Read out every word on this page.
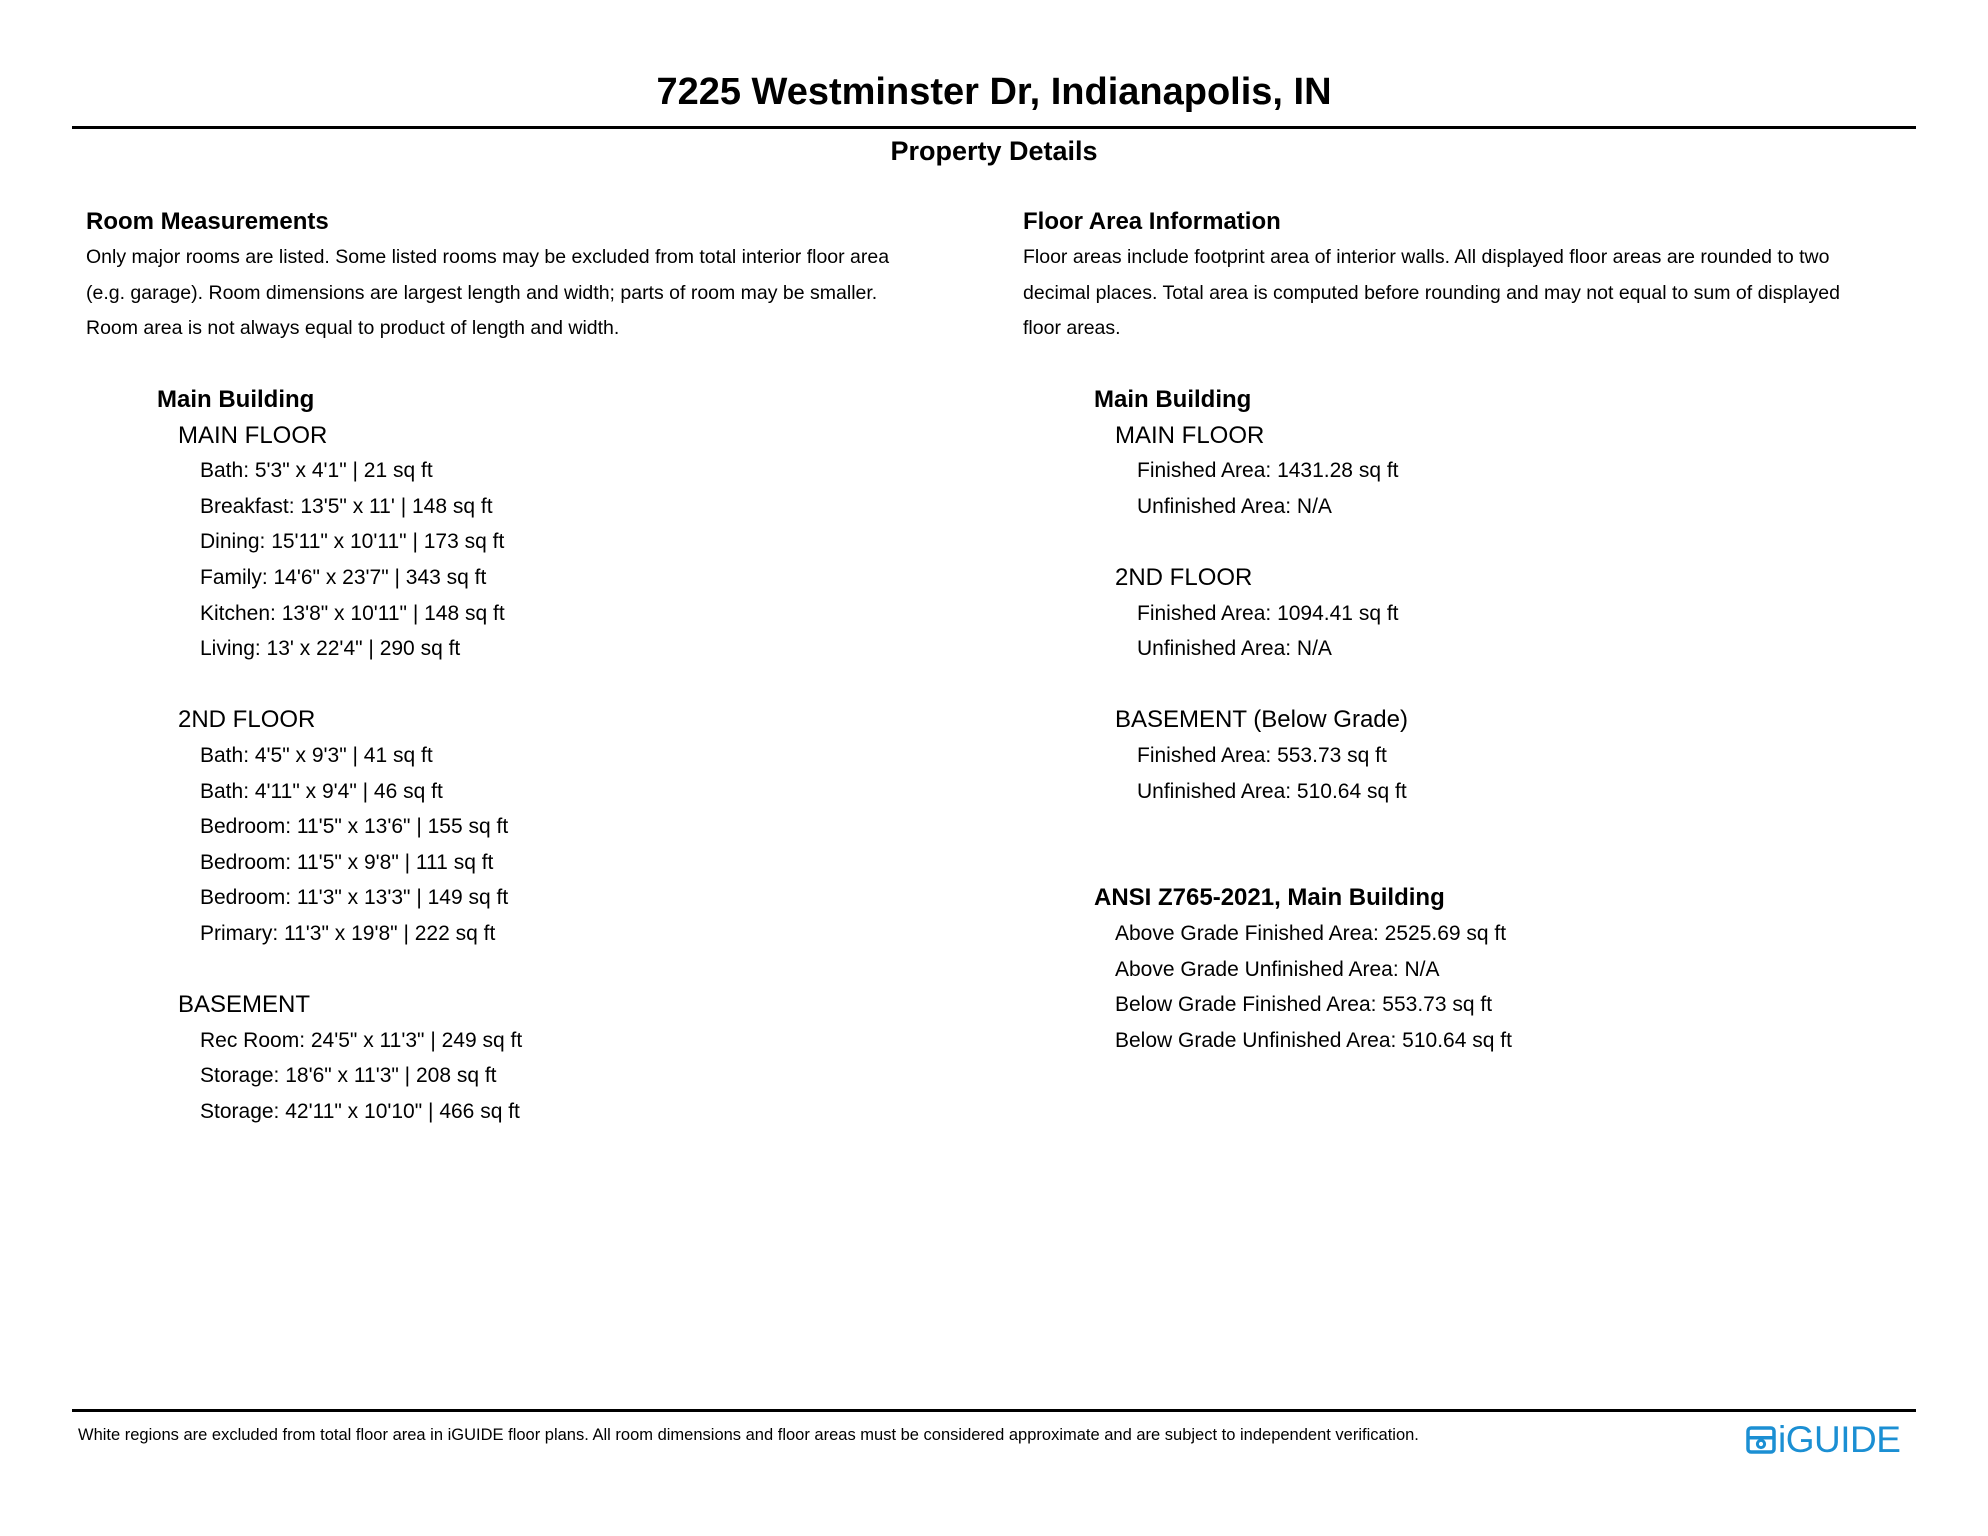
7225 Westminster Dr, Indianapolis, IN
Property Details
Room Measurements
Only major rooms are listed. Some listed rooms may be excluded from total interior floor area
(e.g. garage). Room dimensions are largest length and width; parts of room may be smaller.
Room area is not always equal to product of length and width.
Main Building
MAIN FLOOR
Bath: 5'3" x 4'1" | 21 sq ft
Breakfast: 13'5" x 11' | 148 sq ft
Dining: 15'11" x 10'11" | 173 sq ft
Family: 14'6" x 23'7" | 343 sq ft
Kitchen: 13'8" x 10'11" | 148 sq ft
Living: 13' x 22'4" | 290 sq ft
2ND FLOOR
Bath: 4'5" x 9'3" | 41 sq ft
Bath: 4'11" x 9'4" | 46 sq ft
Bedroom: 11'5" x 13'6" | 155 sq ft
Bedroom: 11'5" x 9'8" | 111 sq ft
Bedroom: 11'3" x 13'3" | 149 sq ft
Primary: 11'3" x 19'8" | 222 sq ft
BASEMENT
Rec Room: 24'5" x 11'3" | 249 sq ft
Storage: 18'6" x 11'3" | 208 sq ft
Storage: 42'11" x 10'10" | 466 sq ft
Floor Area Information
Floor areas include footprint area of interior walls. All displayed floor areas are rounded to two
decimal places. Total area is computed before rounding and may not equal to sum of displayed
floor areas.
Main Building
MAIN FLOOR
Finished Area: 1431.28 sq ft
Unfinished Area: N/A
2ND FLOOR
Finished Area: 1094.41 sq ft
Unfinished Area: N/A
BASEMENT (Below Grade)
Finished Area: 553.73 sq ft
Unfinished Area: 510.64 sq ft
ANSI Z765-2021, Main Building
Above Grade Finished Area: 2525.69 sq ft
Above Grade Unfinished Area: N/A
Below Grade Finished Area: 553.73 sq ft
Below Grade Unfinished Area: 510.64 sq ft

White regions are excluded from total floor area in iGUIDE floor plans. All room dimensions and floor areas must be considered approximate and are subject to independent verification.	iGUIDE
